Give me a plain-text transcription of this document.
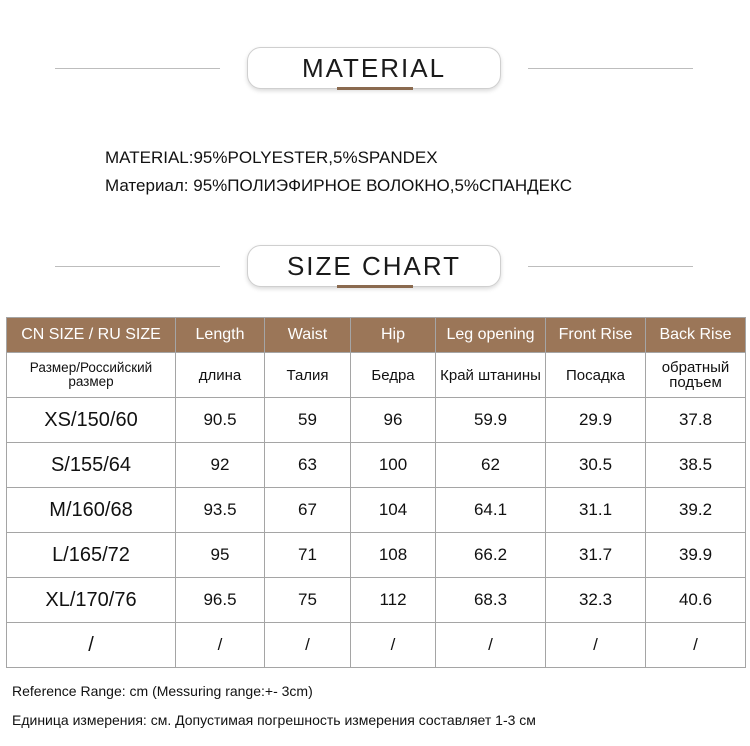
MATERIAL
MATERIAL:95%POLYESTER,5%SPANDEX
Материал: 95%ПОЛИЭФИРНОЕ ВОЛОКНО,5%СПАНДЕКС
SIZE CHART
CN SIZE / RU SIZE	Length	Waist	Hip	Leg opening	Front Rise	Back Rise
Размер/Российский размер	длина	Талия	Бедра	Край штанины	Посадка	обратный подъем
XS/150/60	90.5	59	96	59.9	29.9	37.8
S/155/64	92	63	100	62	30.5	38.5
M/160/68	93.5	67	104	64.1	31.1	39.2
L/165/72	95	71	108	66.2	31.7	39.9
XL/170/76	96.5	75	112	68.3	32.3	40.6
/	/	/	/	/	/	/
Reference Range: cm (Messuring range:+- 3cm)
Единица измерения: см. Допустимая погрешность измерения составляет 1-3 см
